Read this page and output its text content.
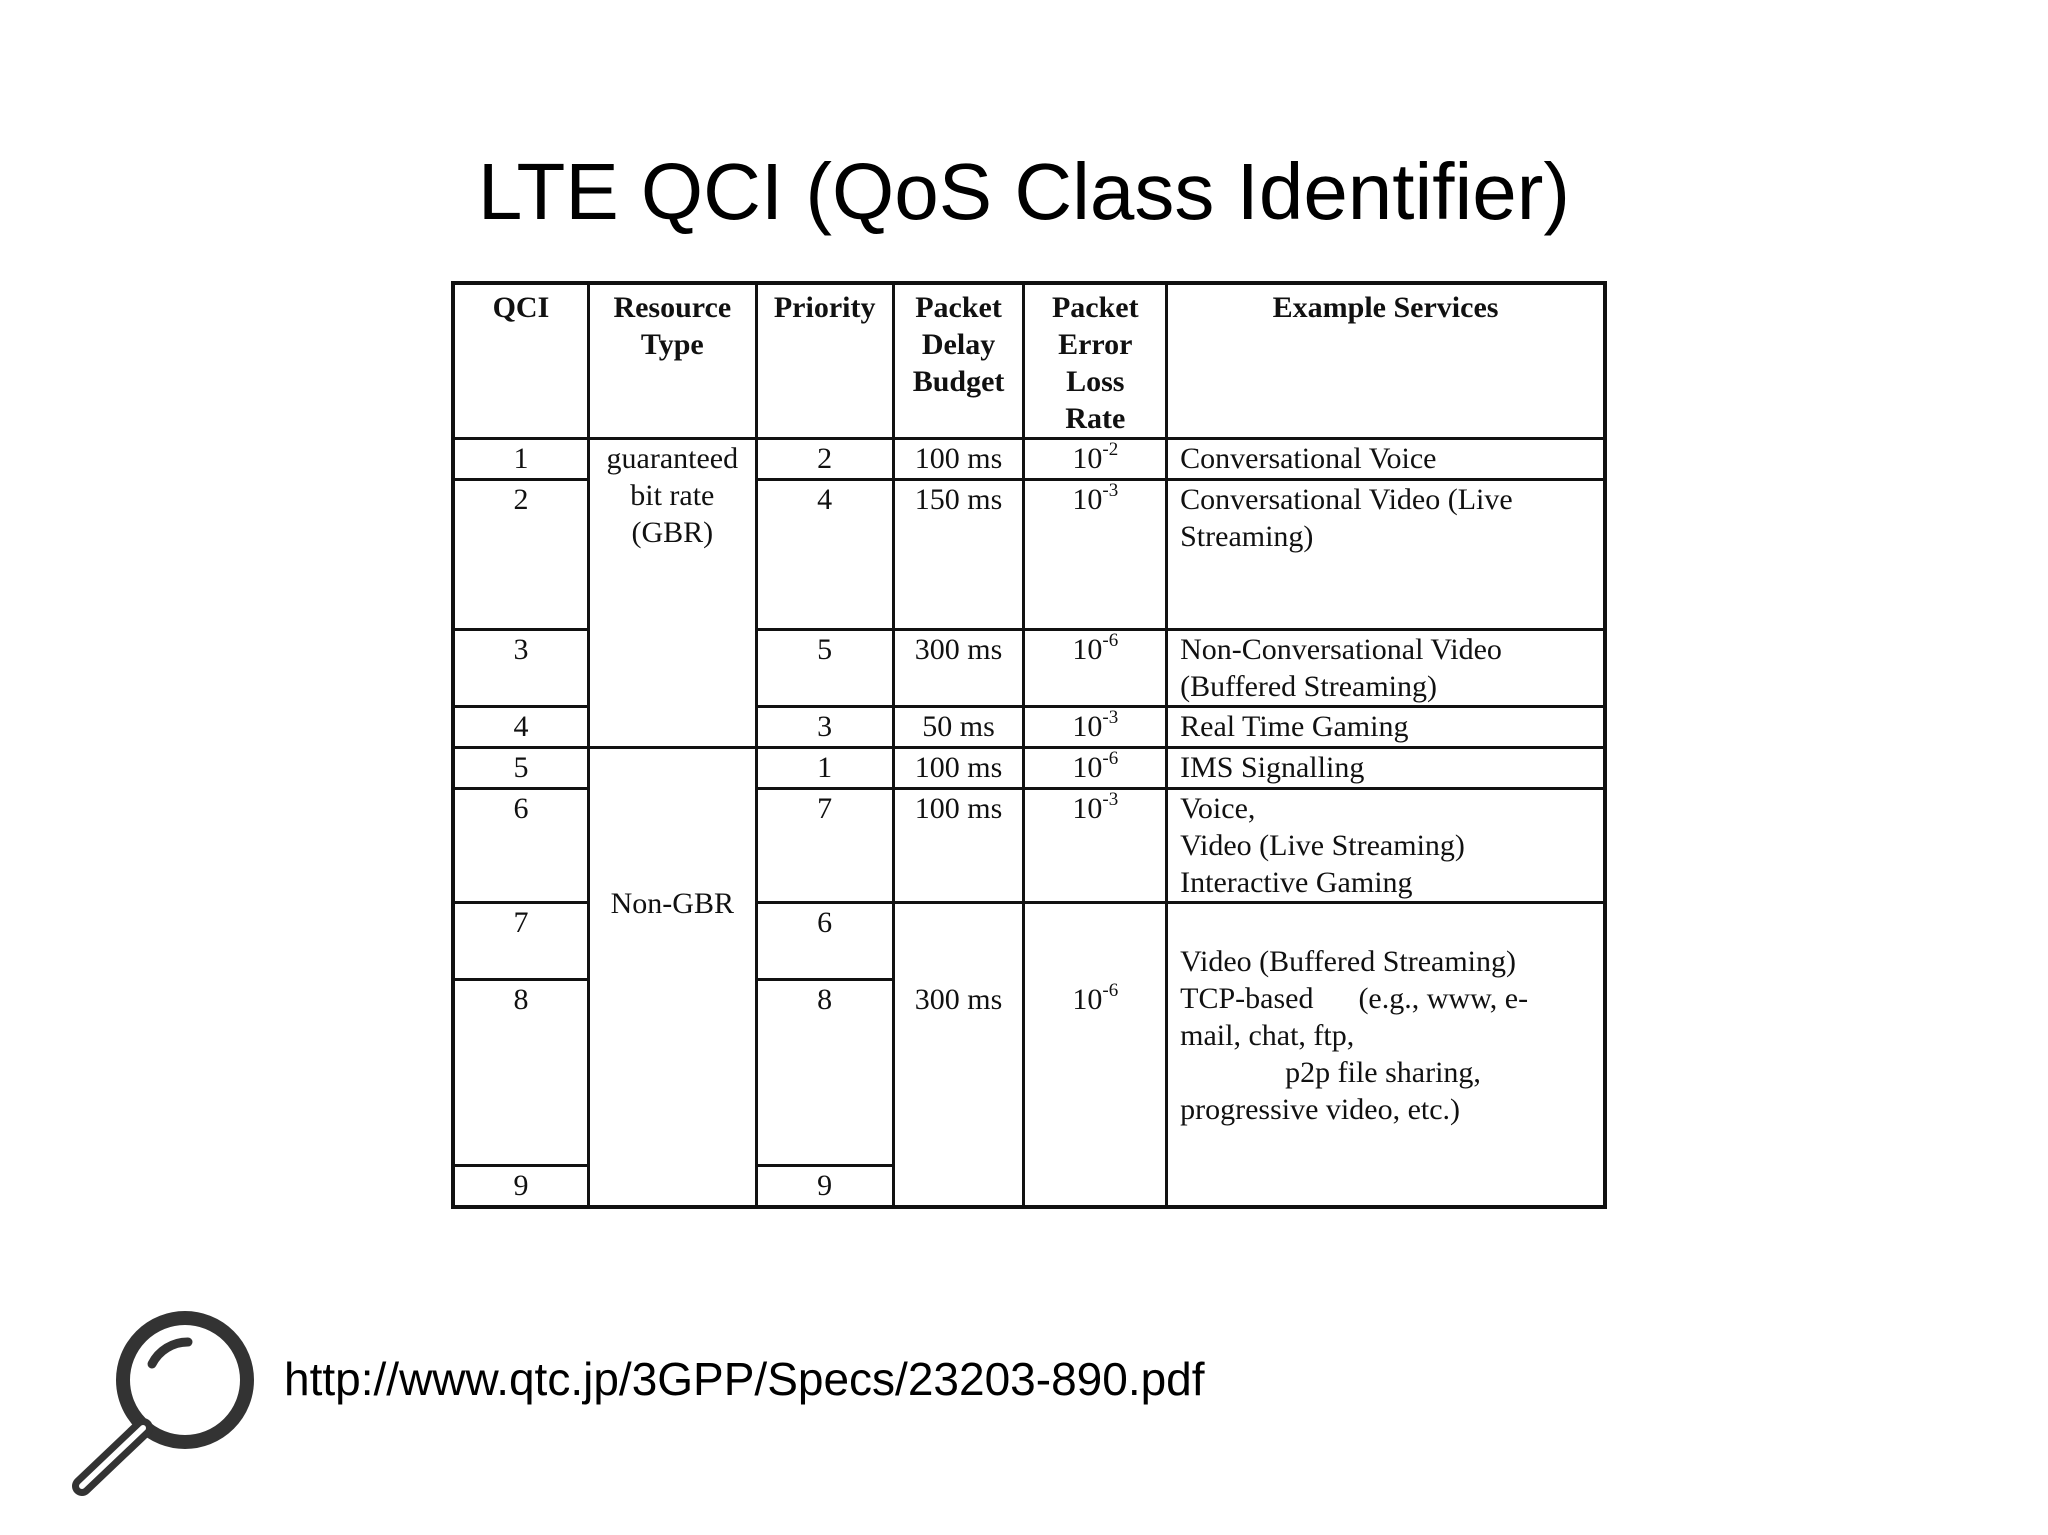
LTE QCI (QoS Class Identifier)
QCI	Resource Type	Priority	Packet Delay Budget	Packet Error Loss Rate	Example Services
1	guaranteed bit rate (GBR)	2	100 ms	$10^{-2}$	Conversational Voice

2		4	150 ms	$10^{-3}$	Conversational Video (Live
Streaming)

3		5	300 ms	$10^{-6}$	Non-Conversational Video
(Buffered Streaming)

4		3	50 ms	$10^{-3}$	Real Time Gaming

5	Non-GBR	1	100 ms	$10^{-6}$	IMS Signalling

6		7	100 ms	$10^{-3}$	Voice,
Video (Live Streaming)
Interactive Gaming

7		6	300 ms	$10^{-6}$	Video (Buffered Streaming)
TCP-based      (e.g., www, e-
mail, chat, ftp,
p2p file sharing,
progressive video, etc.)

8		8			
9		9			
http://www.qtc.jp/3GPP/Specs/23203-890.pdf
